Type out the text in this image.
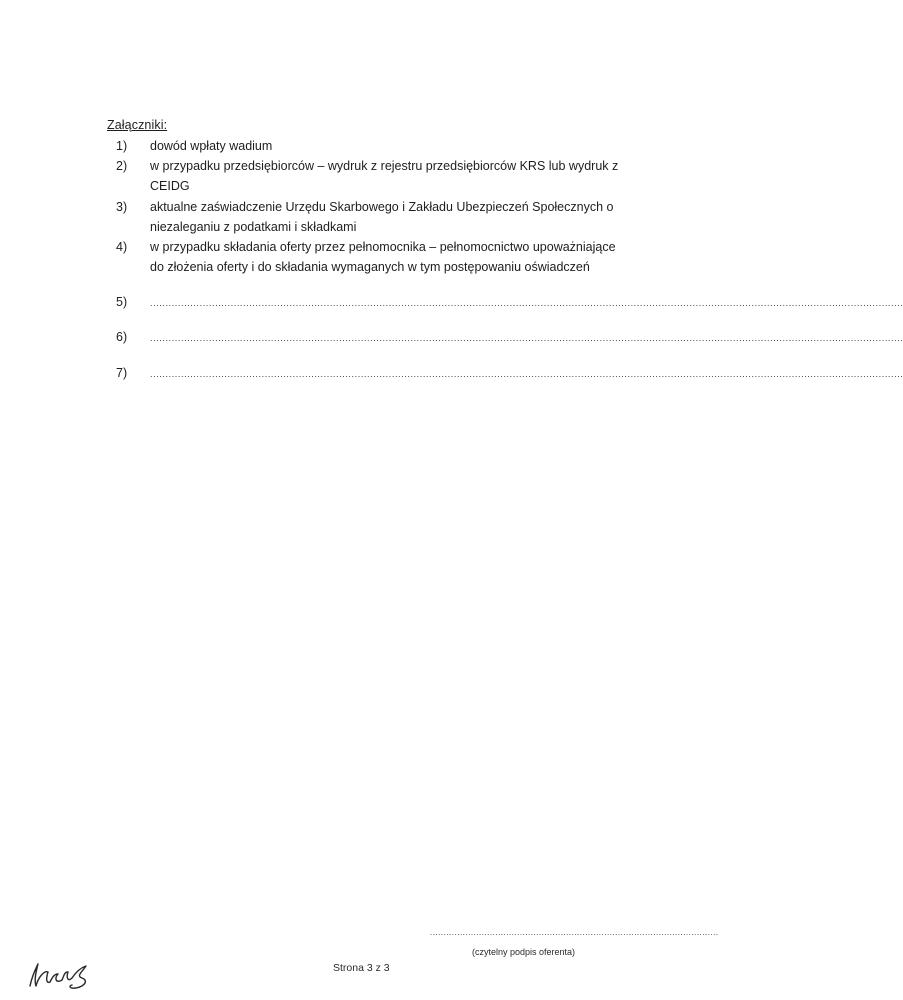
Załączniki:
1)	dowód wpłaty wadium
2)	w przypadku przedsiębiorców – wydruk z rejestru przedsiębiorców KRS lub wydruk z
CEIDG
3)	aktualne zaświadczenie Urzędu Skarbowego i Zakładu Ubezpieczeń Społecznych o
niezaleganiu z podatkami i składkami
4)	w przypadku składania oferty przez pełnomocnika – pełnomocnictwo upoważniające
do złożenia oferty i do składania wymaganych w tym postępowaniu oświadczeń
5)	...................................................................................................................................................................................................................................................
6)	...................................................................................................................................................................................................................................................
7)	...................................................................................................................................................................................................................................................
..........................................................................................................
(czytelny podpis oferenta)
Strona 3 z 3
